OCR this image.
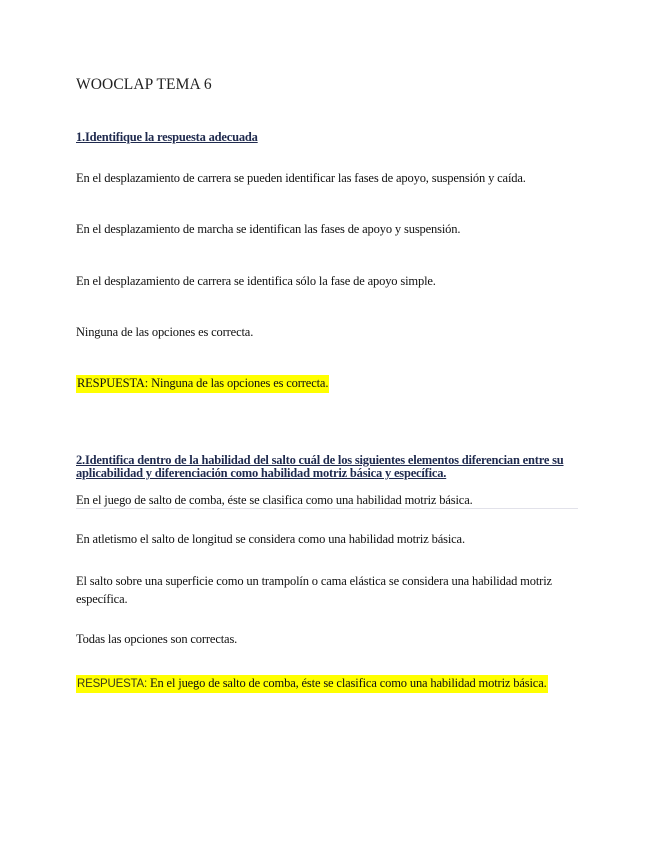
WOOCLAP TEMA 6
1.Identifique la respuesta adecuada
En el desplazamiento de carrera se pueden identificar las fases de apoyo, suspensión y caída.
En el desplazamiento de marcha se identifican las fases de apoyo y suspensión.
En el desplazamiento de carrera se identifica sólo la fase de apoyo simple.
Ninguna de las opciones es correcta.
RESPUESTA: Ninguna de las opciones es correcta.
2.Identifica dentro de la habilidad del salto cuál de los siguientes elementos diferencian entre su aplicabilidad y diferenciación como habilidad motriz básica y específica.
En el juego de salto de comba, éste se clasifica como una habilidad motriz básica.
En atletismo el salto de longitud se considera como una habilidad motriz básica.
El salto sobre una superficie como un trampolín o cama elástica se considera una habilidad motriz específica.
Todas las opciones son correctas.
RESPUESTA: En el juego de salto de comba, éste se clasifica como una habilidad motriz básica.
